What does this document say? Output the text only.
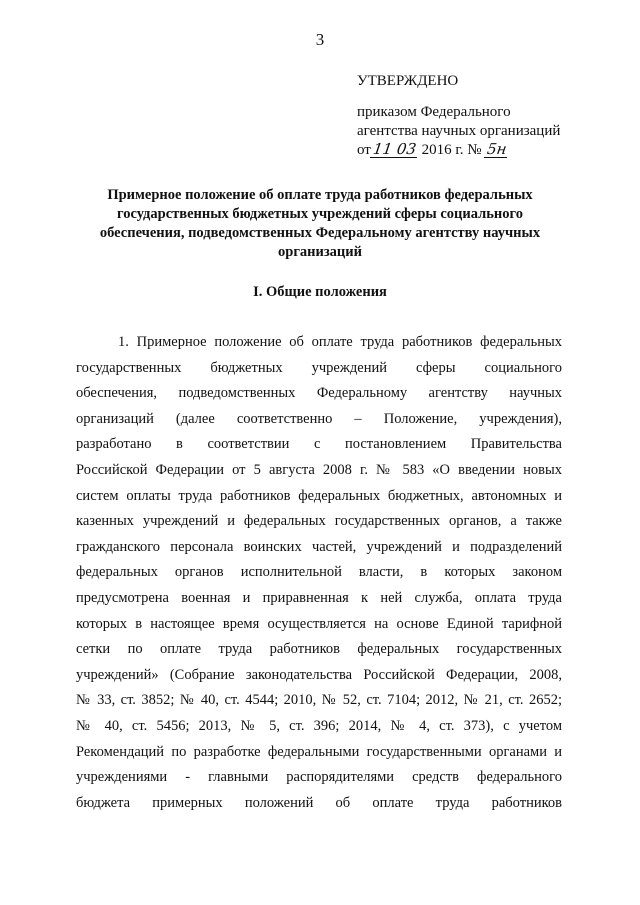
3
УТВЕРЖДЕНО
приказом Федерального
агентства научных организаций
от11 03 2016 г. № 5н
Примерное положение об оплате труда работников федеральных
государственных бюджетных учреждений сферы социального
обеспечения, подведомственных Федеральному агентству научных
организаций
I. Общие положения
1. Примерное положение об оплате труда работников федеральных
государственных бюджетных учреждений сферы социального
обеспечения, подведомственных Федеральному агентству научных
организаций (далее соответственно – Положение, учреждения),
разработано в соответствии с постановлением Правительства
Российской Федерации от 5 августа 2008 г. № 583 «О введении новых
систем оплаты труда работников федеральных бюджетных, автономных и
казенных учреждений и федеральных государственных органов, а также
гражданского персонала воинских частей, учреждений и подразделений
федеральных органов исполнительной власти, в которых законом
предусмотрена военная и приравненная к ней служба, оплата труда
которых в настоящее время осуществляется на основе Единой тарифной
сетки по оплате труда работников федеральных государственных
учреждений» (Собрание законодательства Российской Федерации, 2008,
№ 33, ст. 3852; № 40, ст. 4544; 2010, № 52, ст. 7104; 2012, № 21, ст. 2652;
№ 40, ст. 5456; 2013, № 5, ст. 396; 2014, № 4, ст. 373), с учетом
Рекомендаций по разработке федеральными государственными органами и
учреждениями - главными распорядителями средств федерального
бюджета примерных положений об оплате труда работников
